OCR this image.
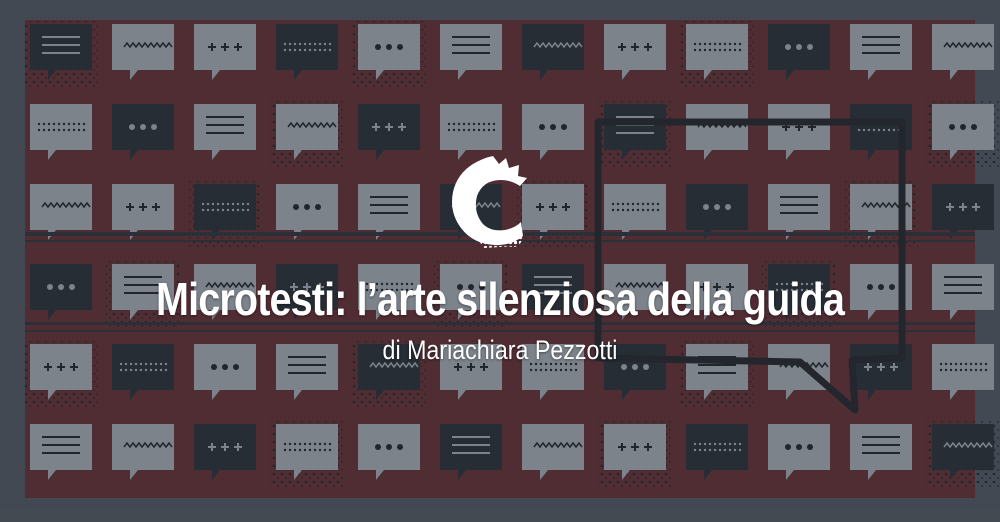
Microtesti: l’arte silenziosa della guida
di Mariachiara Pezzotti
